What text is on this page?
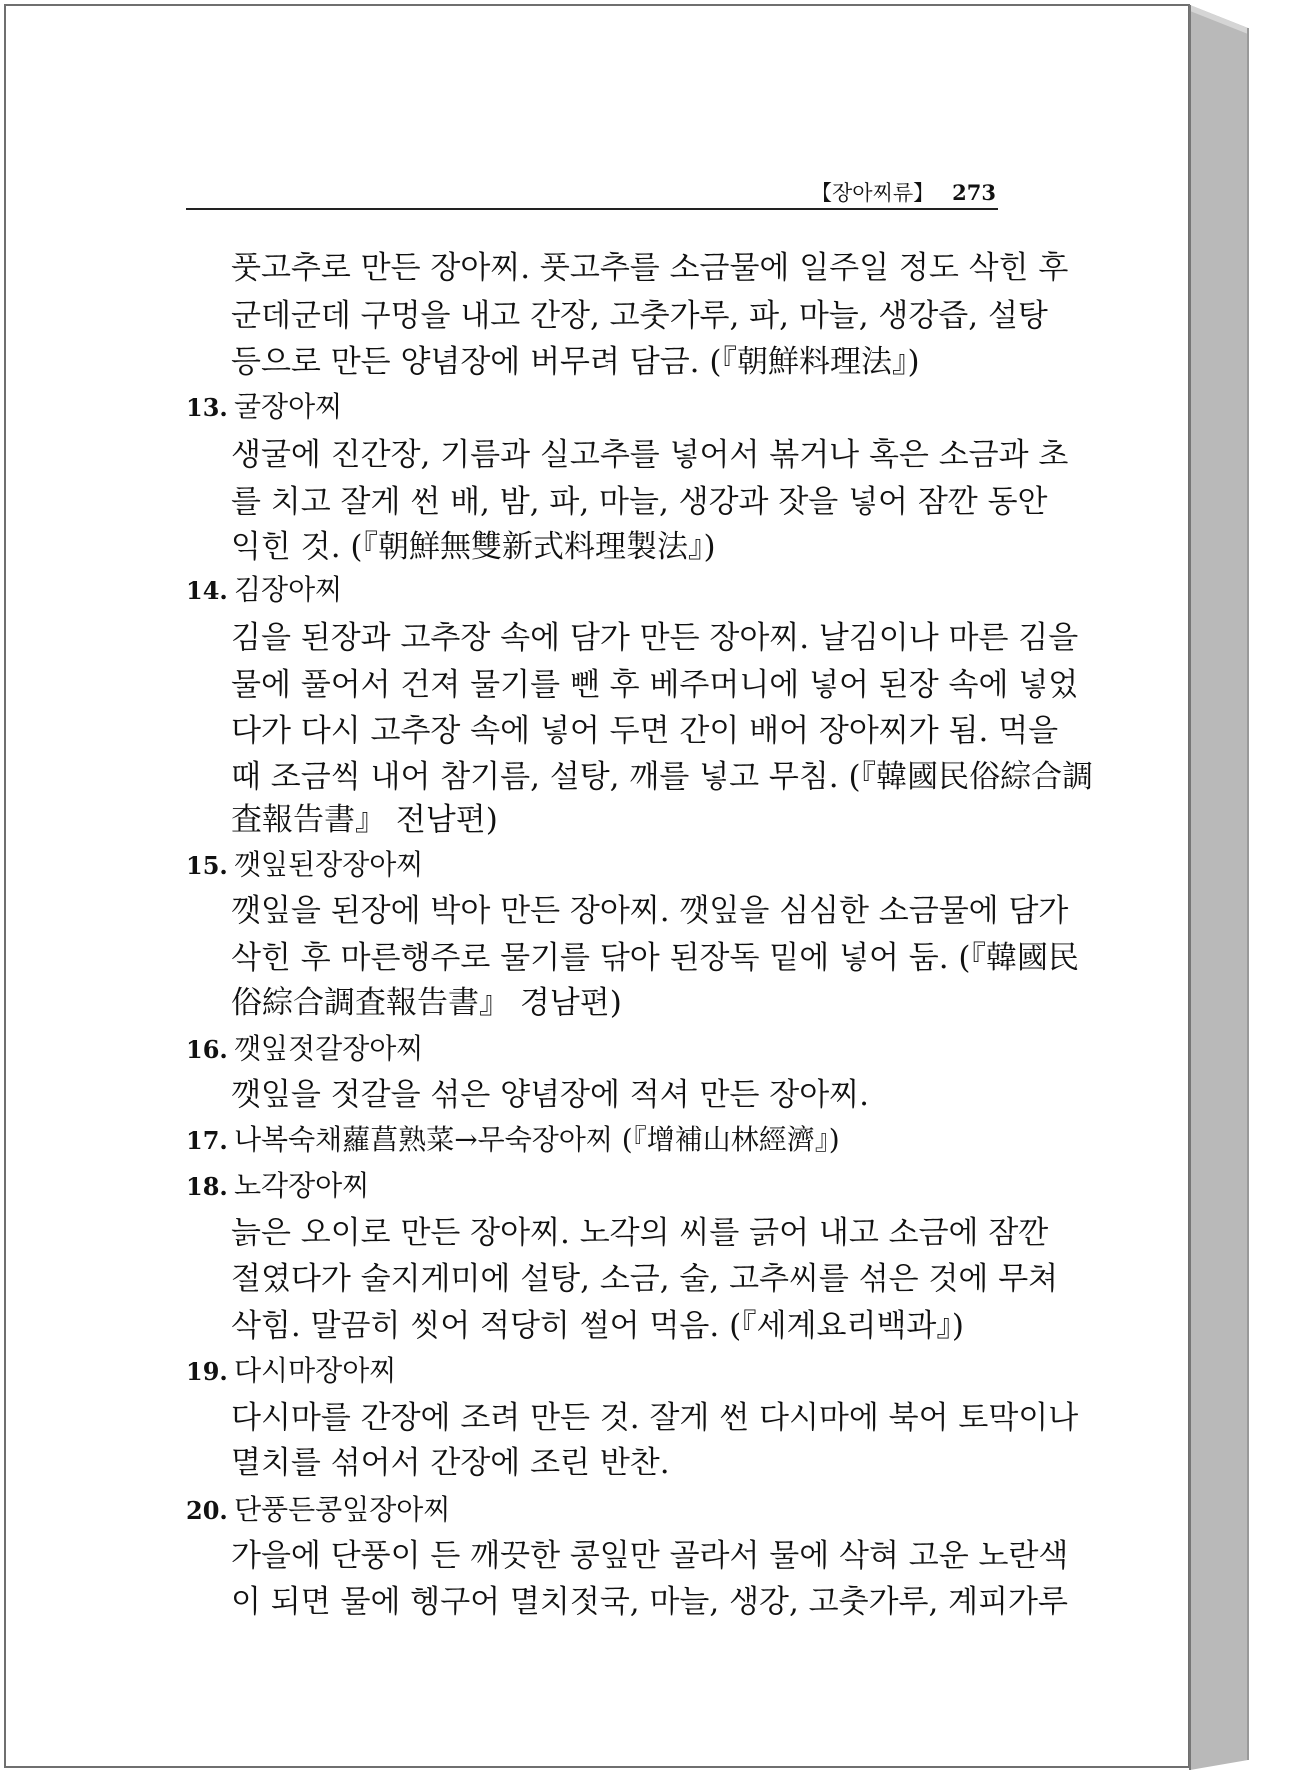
【장아찌류】 273
풋고추로 만든 장아찌. 풋고추를 소금물에 일주일 정도 삭힌 후
군데군데 구멍을 내고 간장, 고춧가루, 파, 마늘, 생강즙, 설탕
등으로 만든 양념장에 버무려 담금. (『朝鮮料理法』)
13. 굴장아찌
생굴에 진간장, 기름과 실고추를 넣어서 볶거나 혹은 소금과 초
를 치고 잘게 썬 배, 밤, 파, 마늘, 생강과 잣을 넣어 잠깐 동안
익힌 것. (『朝鮮無雙新式料理製法』)
14. 김장아찌
김을 된장과 고추장 속에 담가 만든 장아찌. 날김이나 마른 김을
물에 풀어서 건져 물기를 뺀 후 베주머니에 넣어 된장 속에 넣었
다가 다시 고추장 속에 넣어 두면 간이 배어 장아찌가 됨. 먹을
때 조금씩 내어 참기름, 설탕, 깨를 넣고 무침. (『韓國民俗綜合調
査報告書』 전남편)
15. 깻잎된장장아찌
깻잎을 된장에 박아 만든 장아찌. 깻잎을 심심한 소금물에 담가
삭힌 후 마른행주로 물기를 닦아 된장독 밑에 넣어 둠. (『韓國民
俗綜合調査報告書』 경남편)
16. 깻잎젓갈장아찌
깻잎을 젓갈을 섞은 양념장에 적셔 만든 장아찌.
17. 나복숙채蘿菖熟菜→무숙장아찌 (『增補山林經濟』)
18. 노각장아찌
늙은 오이로 만든 장아찌. 노각의 씨를 긁어 내고 소금에 잠깐
절였다가 술지게미에 설탕, 소금, 술, 고추씨를 섞은 것에 무쳐
삭힘. 말끔히 씻어 적당히 썰어 먹음. (『세계요리백과』)
19. 다시마장아찌
다시마를 간장에 조려 만든 것. 잘게 썬 다시마에 북어 토막이나
멸치를 섞어서 간장에 조린 반찬.
20. 단풍든콩잎장아찌
가을에 단풍이 든 깨끗한 콩잎만 골라서 물에 삭혀 고운 노란색
이 되면 물에 헹구어 멸치젓국, 마늘, 생강, 고춧가루, 계피가루
